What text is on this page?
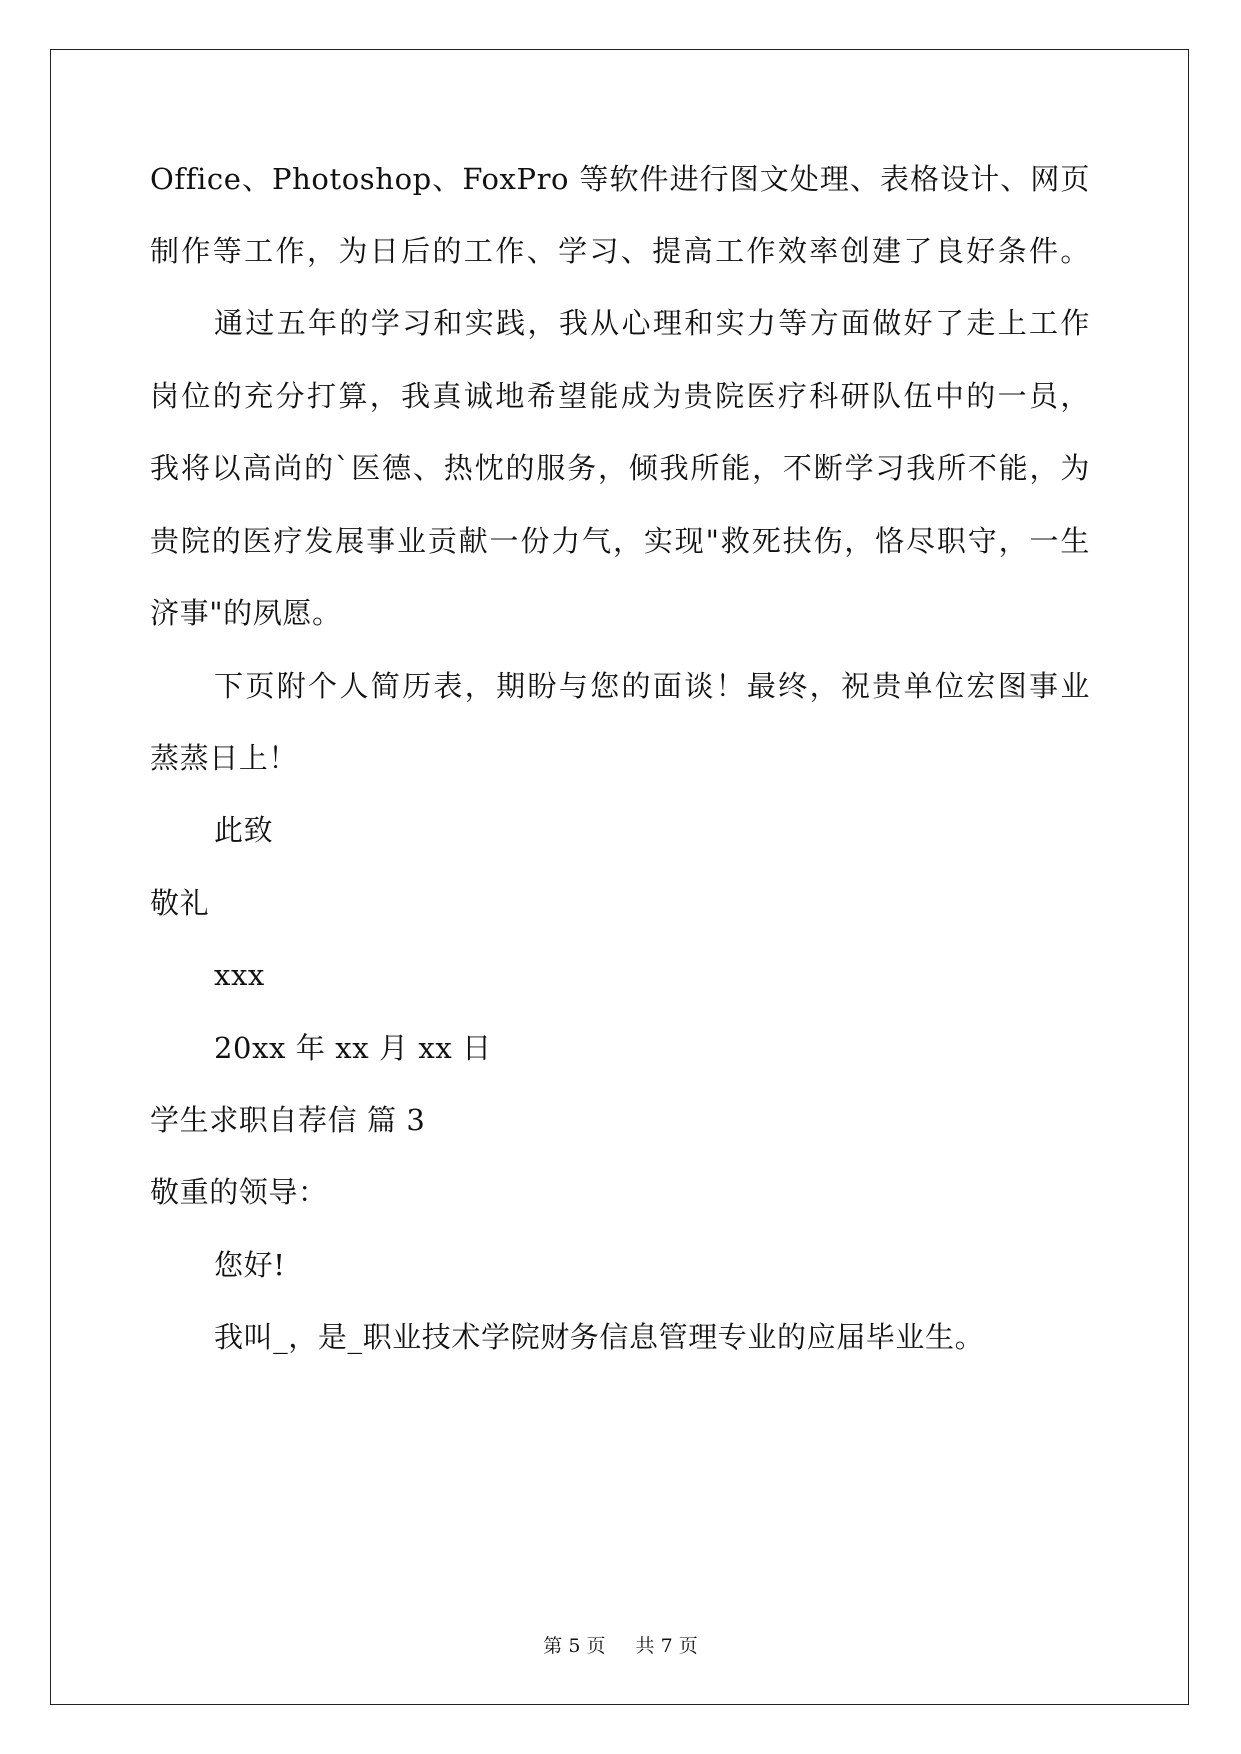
Office、Photoshop、FoxPro 等软件进行图文处理、表格设计、网页
制作等工作，为日后的工作、学习、提高工作效率创建了良好条件。
通过五年的学习和实践，我从心理和实力等方面做好了走上工作
岗位的充分打算，我真诚地希望能成为贵院医疗科研队伍中的一员，
我将以高尚的`医德、热忱的服务，倾我所能，不断学习我所不能，为
贵院的医疗发展事业贡献一份力气，实现"救死扶伤，恪尽职守，一生
济事"的夙愿。
下页附个人简历表，期盼与您的面谈！最终，祝贵单位宏图事业
蒸蒸日上！
此致
敬礼
xxx
20xx 年 xx 月 xx 日
学生求职自荐信 篇 3
敬重的领导：
您好!
我叫_，是_职业技术学院财务信息管理专业的应届毕业生。
第 5 页 共 7 页
